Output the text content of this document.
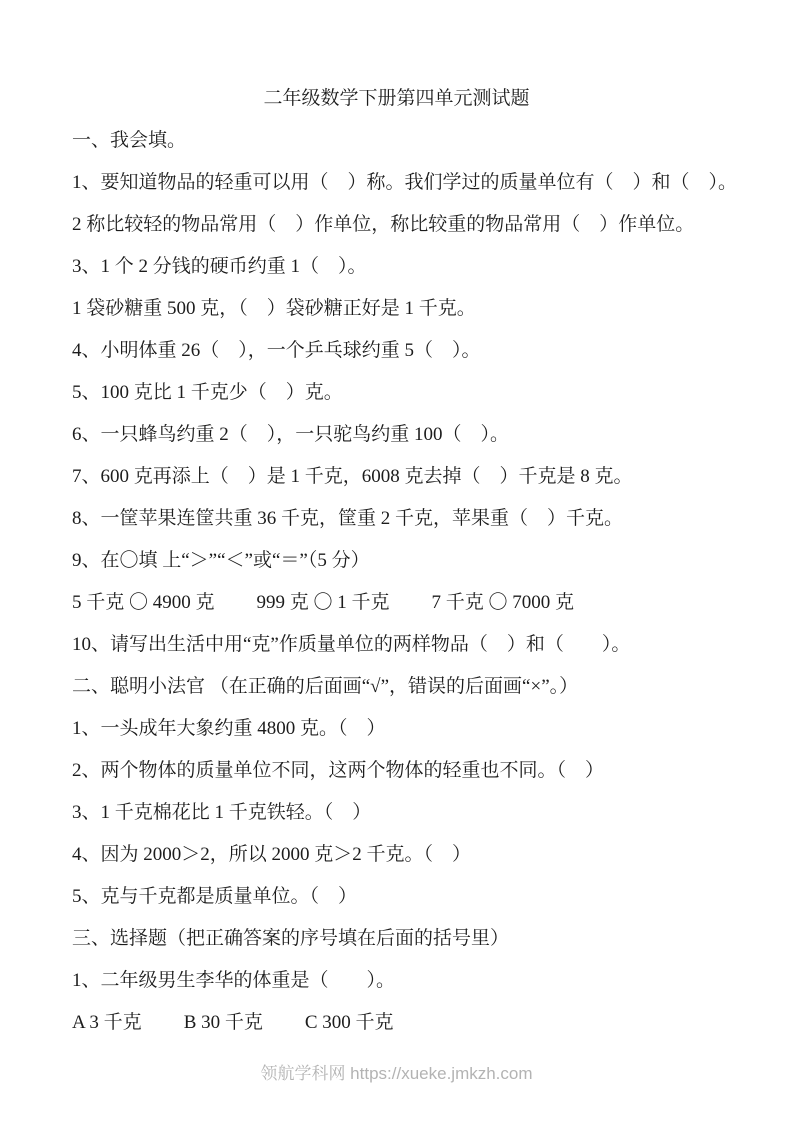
二年级数学下册第四单元测试题

一、我会填。

1、要知道物品的轻重可以用（　）称。我们学过的质量单位有（　）和（　）。

2 称比较轻的物品常用（　）作单位，称比较重的物品常用（　）作单位。

3、1 个 2 分钱的硬币约重 1（　）。

1 袋砂糖重 500 克，（　）袋砂糖正好是 1 千克。

4、小明体重 26（　），一个乒乓球约重 5（　）。

5、100 克比 1 千克少（　）克。

6、一只蜂鸟约重 2（　），一只驼鸟约重 100（　）。

7、600 克再添上（　）是 1 千克，6008 克去掉（　）千克是 8 克。

8、一筐苹果连筐共重 36 千克，筐重 2 千克，苹果重（　）千克。

9、在〇填 上“＞”“＜”或“＝”（5 分）

5 千克 〇 4900 克 999 克 〇 1 千克 7 千克 〇 7000 克

10、请写出生活中用“克”作质量单位的两样物品（　）和（　　）。

二、聪明小法官 （在正确的后面画“√”，错误的后面画“×”。）

1、一头成年大象约重 4800 克。（　）

2、两个物体的质量单位不同，这两个物体的轻重也不同。（　）

3、1 千克棉花比 1 千克铁轻。（　）

4、因为 2000＞2，所以 2000 克＞2 千克。（　）

5、克与千克都是质量单位。（　）

三、选择题（把正确答案的序号填在后面的括号里）

1、二年级男生李华的体重是（　　）。

A 3 千克 B 30 千克 C 300 千克
领航学科网 https://xueke.jmkzh.com
